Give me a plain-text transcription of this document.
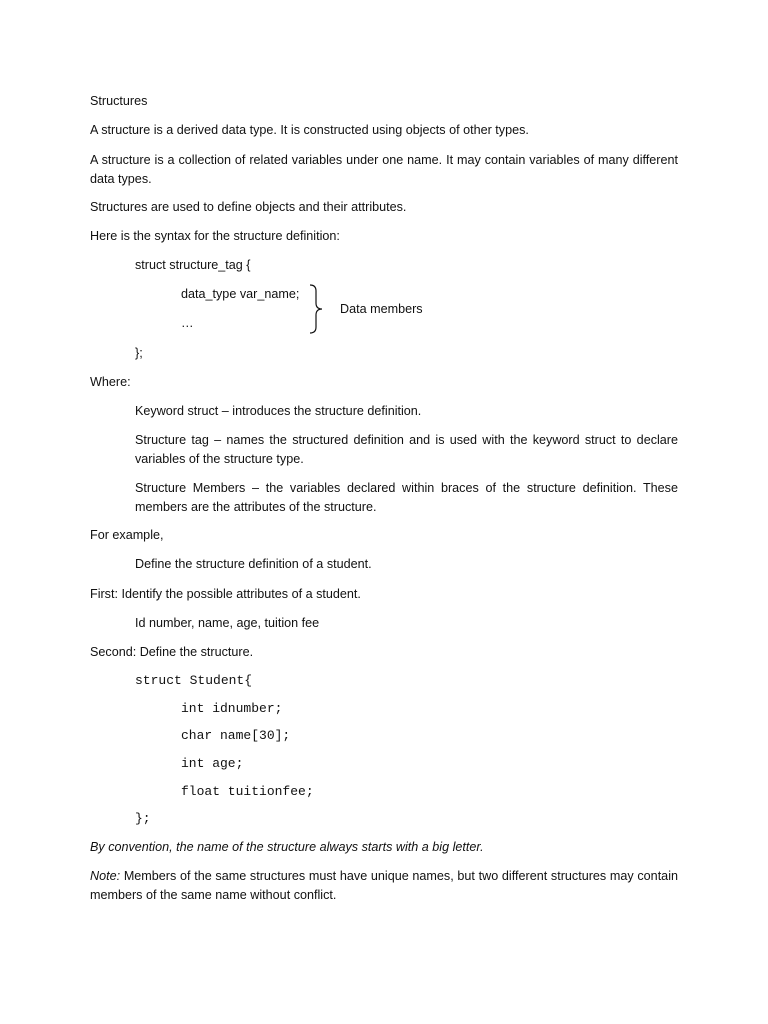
Structures
A structure is a derived data type. It is constructed using objects of other types.
A structure is a collection of related variables under one name. It may contain variables of many different data types.
Structures are used to define objects and their attributes.
Here is the syntax for the structure definition:
struct structure_tag {
data_type var_name;
…
Data members
};
Where:
Keyword struct – introduces the structure definition.
Structure tag – names the structured definition and is used with the keyword struct to declare variables of the structure type.
Structure Members – the variables declared within braces of the structure definition. These members are the attributes of the structure.
For example,
Define the structure definition of a student.
First: Identify the possible attributes of a student.
Id number, name, age, tuition fee
Second: Define the structure.
struct Student{
int idnumber;
char name[30];
int age;
float tuitionfee;
};
By convention, the name of the structure always starts with a big letter.
Note: Members of the same structures must have unique names, but two different structures may contain members of the same name without conflict.
